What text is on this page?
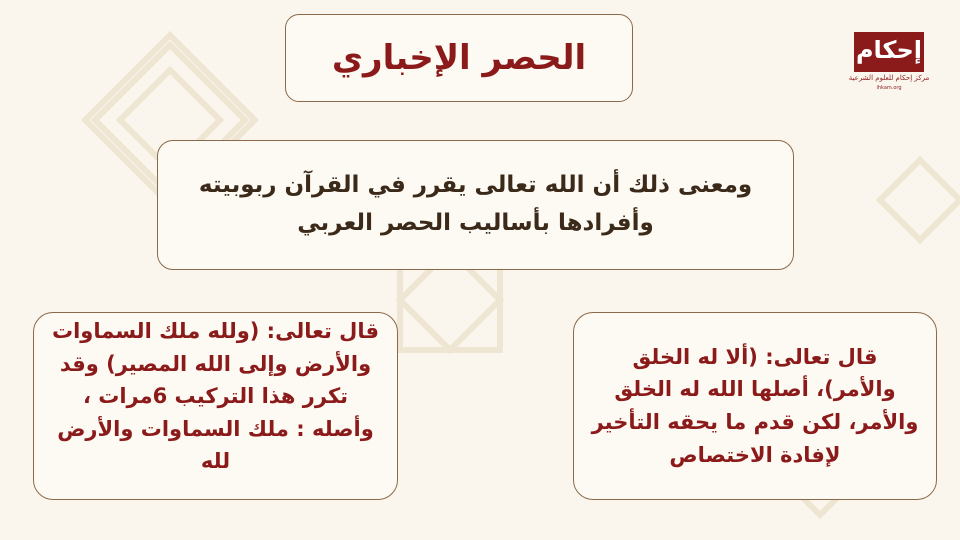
الحصر الإخباري
ومعنى ذلك أن الله تعالى يقرر في القرآن ربوبيته وأفرادها بأساليب الحصر العربي
قال تعالى: (ولله ملك السماوات والأرض وإلى الله المصير) وقد تكرر هذا التركيب 6مرات ، وأصله : ملك السماوات والأرض لله
قال تعالى: (ألا له الخلق والأمر)، أصلها الله له الخلق والأمر، لكن قدم ما يحقه التأخير لإفادة الاختصاص
إحكام
مركز إحكام للعلوم الشرعية
ihkam.org
